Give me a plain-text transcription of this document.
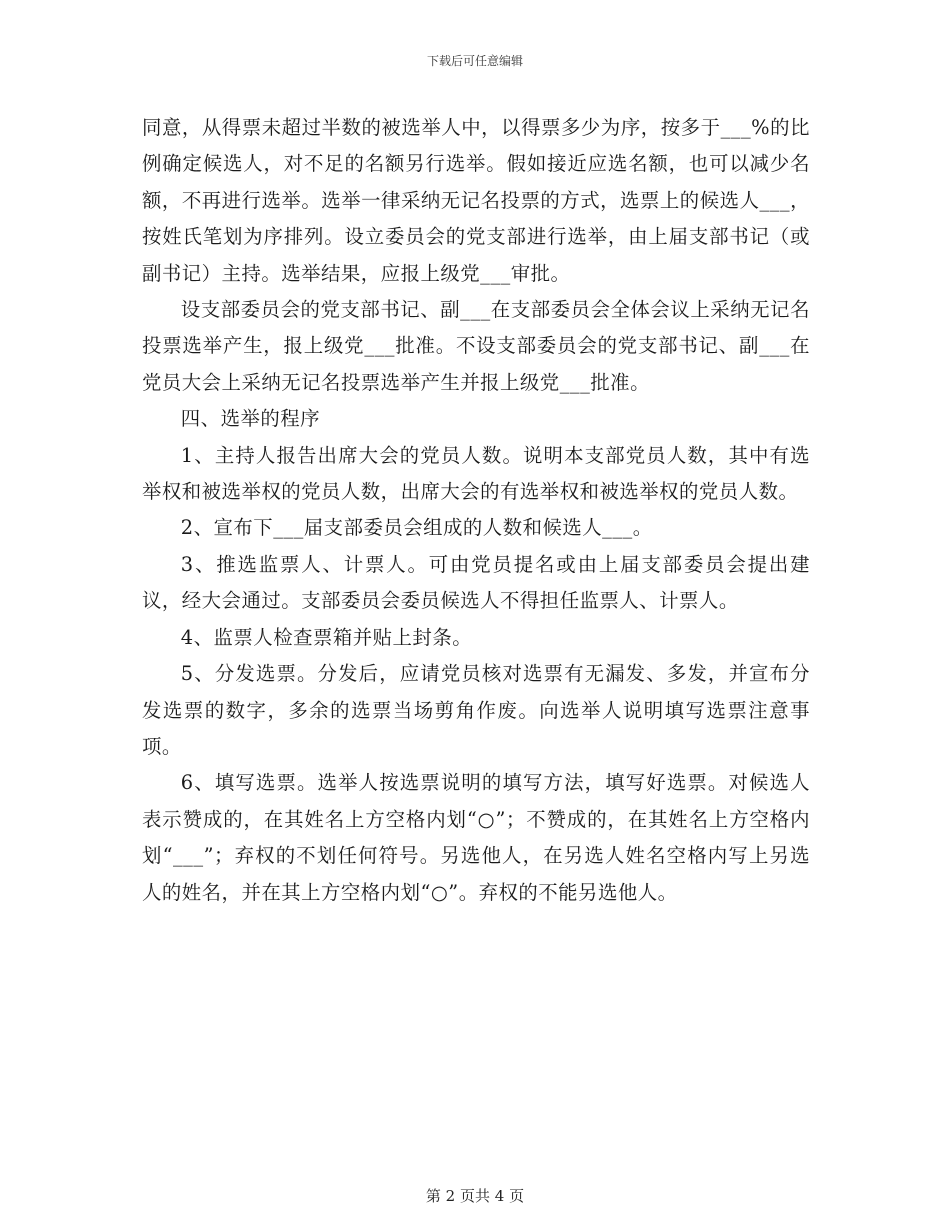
下载后可任意编辑

同意，从得票未超过半数的被选举人中，以得票多少为序，按多于___%的比例确定候选人，对不足的名额另行选举。假如接近应选名额，也可以减少名额，不再进行选举。选举一律采纳无记名投票的方式，选票上的候选人___，按姓氏笔划为序排列。设立委员会的党支部进行选举，由上届支部书记（或副书记）主持。选举结果，应报上级党___审批。

设支部委员会的党支部书记、副___在支部委员会全体会议上采纳无记名投票选举产生，报上级党___批准。不设支部委员会的党支部书记、副___在党员大会上采纳无记名投票选举产生并报上级党___批准。

四、选举的程序

1、主持人报告出席大会的党员人数。说明本支部党员人数，其中有选举权和被选举权的党员人数，出席大会的有选举权和被选举权的党员人数。

2、宣布下___届支部委员会组成的人数和候选人___。

3、推选监票人、计票人。可由党员提名或由上届支部委员会提出建议，经大会通过。支部委员会委员候选人不得担任监票人、计票人。

4、监票人检查票箱并贴上封条。

5、分发选票。分发后，应请党员核对选票有无漏发、多发，并宣布分发选票的数字，多余的选票当场剪角作废。向选举人说明填写选票注意事项。

6、填写选票。选举人按选票说明的填写方法，填写好选票。对候选人表示赞成的，在其姓名上方空格内划“○”；不赞成的，在其姓名上方空格内划“___”；弃权的不划任何符号。另选他人，在另选人姓名空格内写上另选人的姓名，并在其上方空格内划“○”。弃权的不能另选他人。

第 2 页共 4 页
